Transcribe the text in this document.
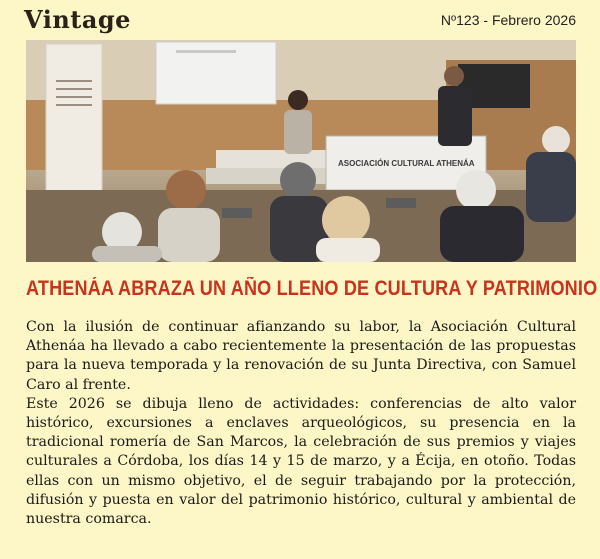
Vintage	Nº123 - Febrero 2026
ASOCIACIÓN CULTURAL ATHENÁA
ATHENÁA ABRAZA UN AÑO LLENO DE CULTURA Y PATRIMONIO

Con la ilusión de continuar afianzando su labor, la Asociación Cultural Athenáa ha llevado a cabo recientemente la presentación de las propuestas para la nueva temporada y la renovación de su Junta Directiva, con Samuel Caro al frente.

Este 2026 se dibuja lleno de actividades: conferencias de alto valor histórico, excursiones a enclaves arqueológicos, su presencia en la tradicional romería de San Marcos, la celebración de sus premios y viajes culturales a Córdoba, los días 14 y 15 de marzo, y a Écija, en otoño. Todas ellas con un mismo objetivo, el de seguir trabajando por la protección, difusión y puesta en valor del patrimonio histórico, cultural y ambiental de nuestra comarca.
